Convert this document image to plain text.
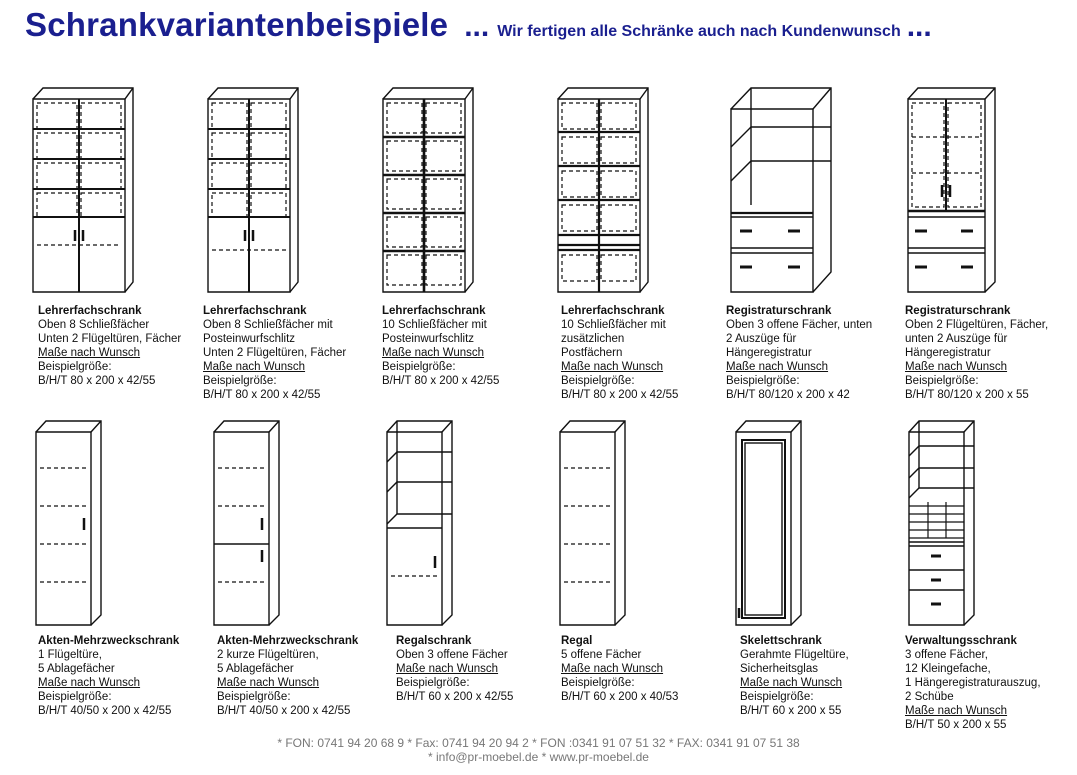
Schrankvariantenbeispiele ... Wir fertigen alle Schränke auch nach Kundenwunsch ...
Lehrerfachschrank
Oben 8 Schließfächer
Unten 2 Flügeltüren, Fächer
Maße nach Wunsch
Beispielgröße:
B/H/T 80 x 200 x 42/55
Lehrerfachschrank
Oben 8 Schließfächer mit
Posteinwurfschlitz
Unten 2 Flügeltüren, Fächer
Maße nach Wunsch
Beispielgröße:
B/H/T 80 x 200 x 42/55
Lehrerfachschrank
10 Schließfächer mit
Posteinwurfschlitz
Maße nach Wunsch
Beispielgröße:
B/H/T 80 x 200 x 42/55
Lehrerfachschrank
10 Schließfächer mit
zusätzlichen
Postfächern
Maße nach Wunsch
Beispielgröße:
B/H/T 80 x 200 x 42/55
Registraturschrank
Oben 3 offene Fächer, unten
2 Auszüge für
Hängeregistratur
Maße nach Wunsch
Beispielgröße:
B/H/T 80/120 x 200 x 42
Registraturschrank
Oben 2 Flügeltüren, Fächer,
unten 2 Auszüge für
Hängeregistratur
Maße nach Wunsch
Beispielgröße:
B/H/T 80/120 x 200 x 55
Akten-Mehrzweckschrank
1 Flügeltüre,
5 Ablagefächer
Maße nach Wunsch
Beispielgröße:
B/H/T 40/50 x 200 x 42/55
Akten-Mehrzweckschrank
2 kurze Flügeltüren,
5 Ablagefächer
Maße nach Wunsch
Beispielgröße:
B/H/T 40/50 x 200 x 42/55
Regalschrank
Oben 3 offene Fächer
Maße nach Wunsch
Beispielgröße:
B/H/T 60 x 200 x 42/55
Regal
5 offene Fächer
Maße nach Wunsch
Beispielgröße:
B/H/T 60 x 200 x 40/53
Skelettschrank
Gerahmte Flügeltüre,
Sicherheitsglas
Maße nach Wunsch
Beispielgröße:
B/H/T 60 x 200 x 55
Verwaltungsschrank
3 offene Fächer,
12 Kleingefache,
1 Hängeregistraturauszug,
2 Schübe
Maße nach Wunsch
B/H/T 50 x 200 x 55
* FON: 0741 94 20 68 9 * Fax: 0741 94 20 94 2 * FON :0341 91 07 51 32 * FAX: 0341 91 07 51 38
* info@pr-moebel.de * www.pr-moebel.de
